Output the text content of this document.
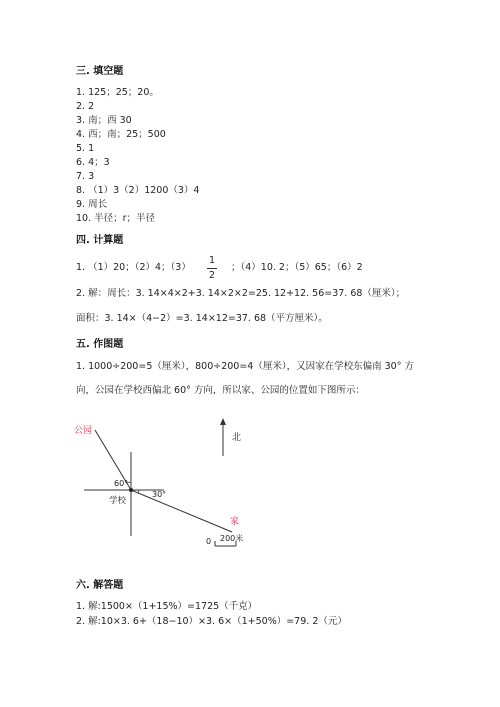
三. 填空题
1. 125；25；20。
2. 2
3. 南；西 30
4. 西；南；25；500
5. 1
6. 4；3
7. 3
8. （1）3（2）1200（3）4
9. 周长
10. 半径；r；半径
四. 计算题
1. （1）20；（2）4；（3）
1
2
；（4）10. 2；（5）65；（6）2
2. 解：周长：3. 14×4×2+3. 14×2×2=25. 12+12. 56=37. 68（厘米）；
面积：3. 14×（4−2）=3. 14×12=37. 68（平方厘米）。
五. 作图题
1. 1000÷200=5（厘米），800÷200=4（厘米），又因家在学校东偏南 30° 方
向，公园在学校西偏北 60° 方向，所以家、公园的位置如下图所示：
北
60°
30°
公园
学校
家
0 200米
六. 解答题
1. 解:1500×（1+15%）=1725（千克）
2. 解:10×3. 6+（18−10）×3. 6×（1+50%）=79. 2（元）
